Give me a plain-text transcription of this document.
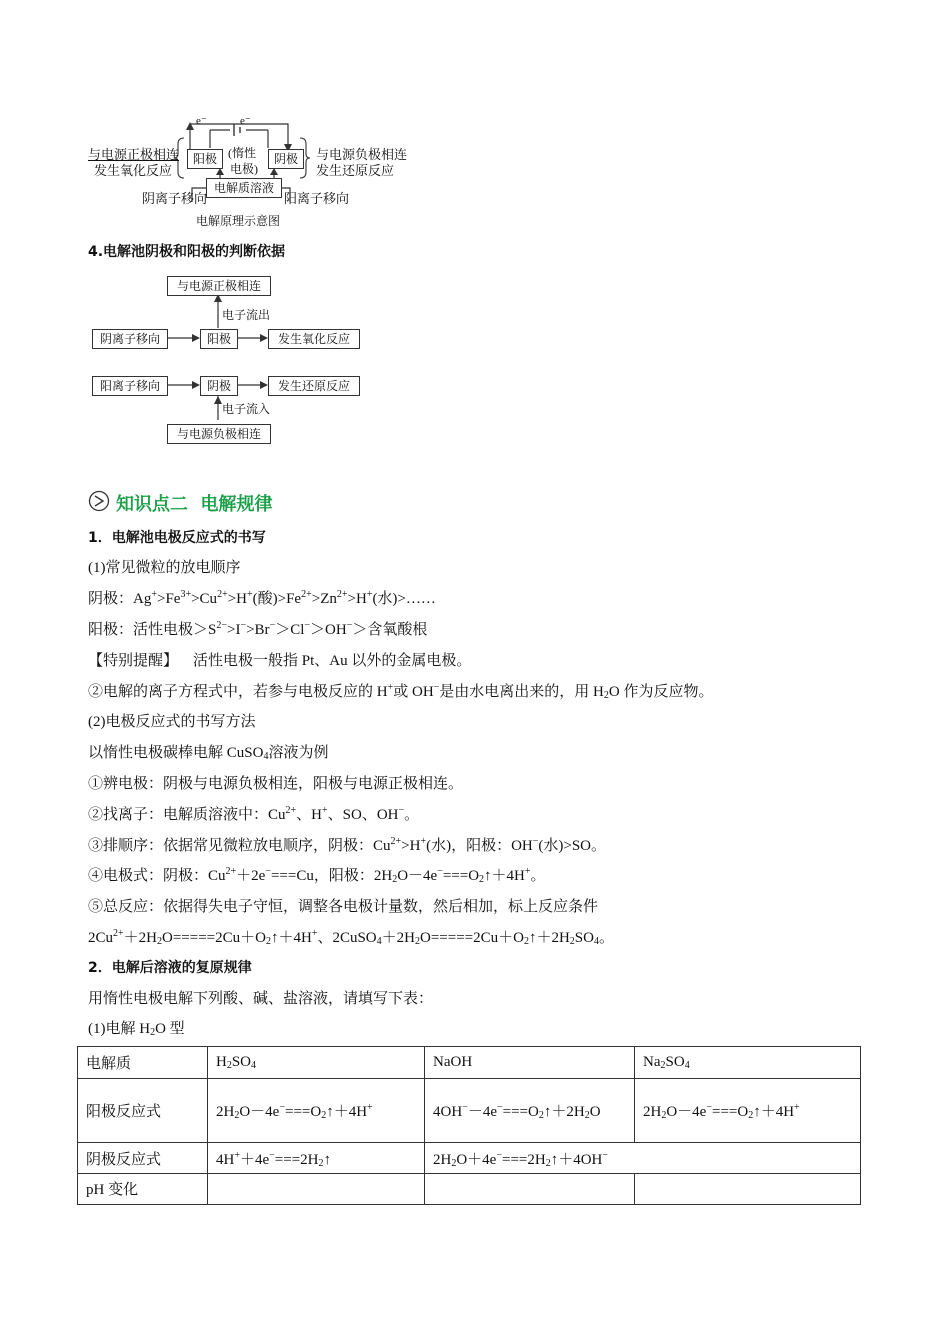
e⁻	e⁻
与电源正极相连
发生氧化反应
阳极 (惰性
电极)
阴极	与电源负极相连
发生还原反应
电解质溶液
阴离子移向	阳离子移向
电解原理示意图
4.电解池阴极和阳极的判断依据
与电源正极相连
电子流出
阴离子移向	阳极	发生氧化反应
阳离子移向	阴极	发生还原反应
电子流入
与电源负极相连
知识点二  电解规律
1．电解池电极反应式的书写
(1)常见微粒的放电顺序
阴极：$Ag^+>Fe^{3+}>Cu^{2+}>H^+$(酸)$>Fe^{2+}>Zn^{2+}>H^+$(水)>……
阳极：活性电极$>S^{2-}>I^->Br^->Cl^->OH^->$含氧酸根
【特别提醒】 活性电极一般指 Pt、Au 以外的金属电极。
②电解的离子方程式中，若参与电极反应的 H+或 OH−是由水电离出来的，用 $H_2O$ 作为反应物。
(2)电极反应式的书写方法
以惰性电极碳棒电解 CuSO$_4$溶液为例
①辨电极：阴极与电源负极相连，阳极与电源正极相连。
②找离子：电解质溶液中：$Cu^{2+}$、H+、SO、OH−。
③排顺序：依据常见微粒放电顺序，阴极：$Cu^{2+}>H^+$(水)，阳极：OH−(水)>SO。
④电极式：阴极：$Cu^{2+}+2e^-===Cu$，阳极：$2H_2O-4e^-===O_2↑+4H^+$。
⑤总反应：依据得失电子守恒，调整各电极计量数，然后相加，标上反应条件
$2Cu^{2+}+2H_2O=====2Cu+O_2↑+4H^+$、$2CuSO_4+2H_2O=====2Cu+O_2↑+2H_2SO_4$。
2．电解后溶液的复原规律
用惰性电极电解下列酸、碱、盐溶液，请填写下表：
(1)电解 $H_2O$ 型
电解质	$H_2SO_4$	NaOH	$Na_2SO_4$
阳极反应式	$2H_2O-4e^-===O_2↑+4H^+$	$4OH^--4e^-===O_2↑+2H_2O$	$2H_2O-4e^-===O_2↑+4H^+$
阴极反应式	$4H^++4e^-===2H_2↑$	$2H_2O+4e^-===2H_2↑+4OH^-$
pH 变化			
